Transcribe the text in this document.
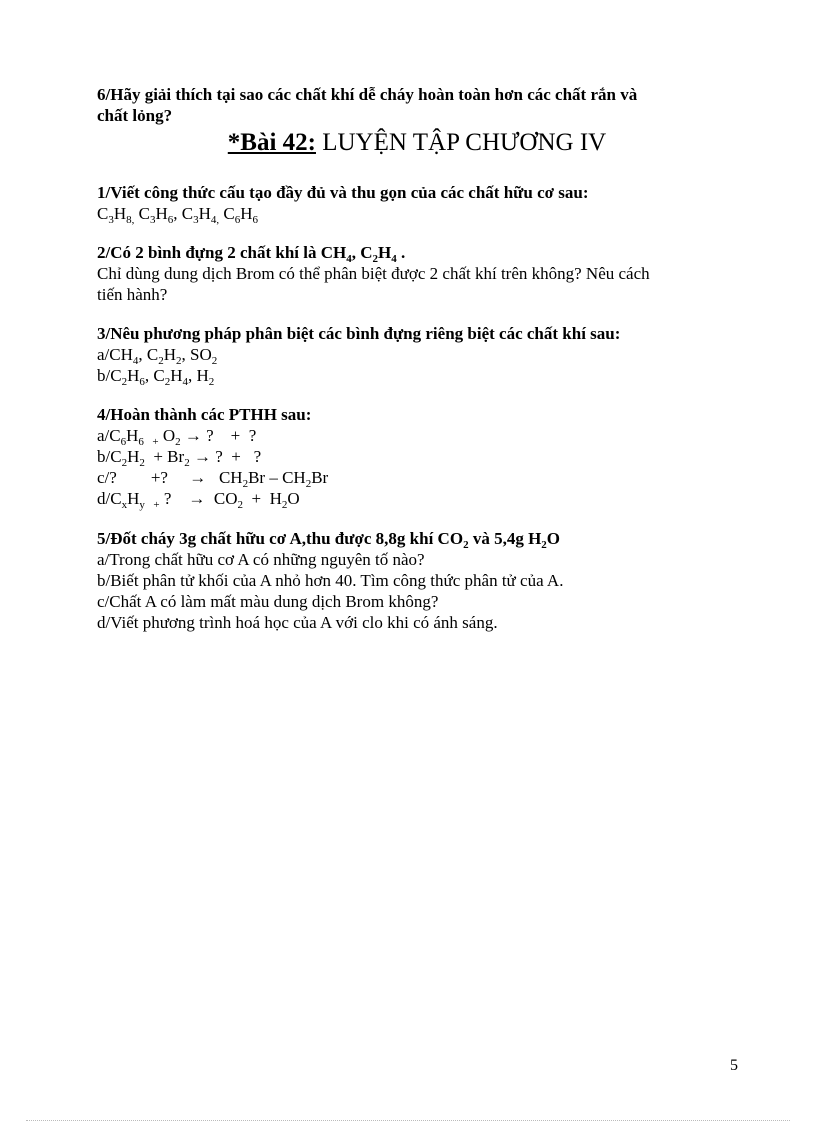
6/Hãy giải thích tại sao các chất khí dễ cháy hoàn toàn hơn các chất rắn và

chất lỏng?

*Bài 42: LUYỆN TẬP CHƯƠNG IV

1/Viết công thức cấu tạo đầy đủ và thu gọn của các chất hữu cơ sau:

$C_3H_{8,}$ $C_3H_6$, $C_3H_{4,}$ $C_6H_6$

2/Có 2 bình đựng 2 chất khí là $CH_4$, $C_2H_4$ .

Chỉ dùng dung dịch Brom có thể phân biệt được 2 chất khí trên không? Nêu cách

tiến hành?

3/Nêu phương pháp phân biệt các bình đựng riêng biệt các chất khí sau:

$a/CH_4$, $C_2H_2$, $SO_2$

$b/C_2H_6$, $C_2H_4$, $H_2$

4/Hoàn thành các PTHH sau:

$a/C_6H_6$ $_+$ $O_2$ → ?    +  ?

$b/C_2H_2 + Br_2$ → ?  +   ?

c/?        +?     →   $CH_2Br - CH_2Br$

$d/C_xH_y$ $_+$ ?    →  $CO_2 + H_2O$

5/Đốt cháy 3g chất hữu cơ A,thu được 8,8g khí $CO_2$ và 5,4g $H_2O$

a/Trong chất hữu cơ A có những nguyên tố nào?

b/Biết phân tử khối của A nhỏ hơn 40. Tìm công thức phân tử của A.

c/Chất A có làm mất màu dung dịch Brom không?

d/Viết phương trình hoá học của A với clo khi có ánh sáng.

5
